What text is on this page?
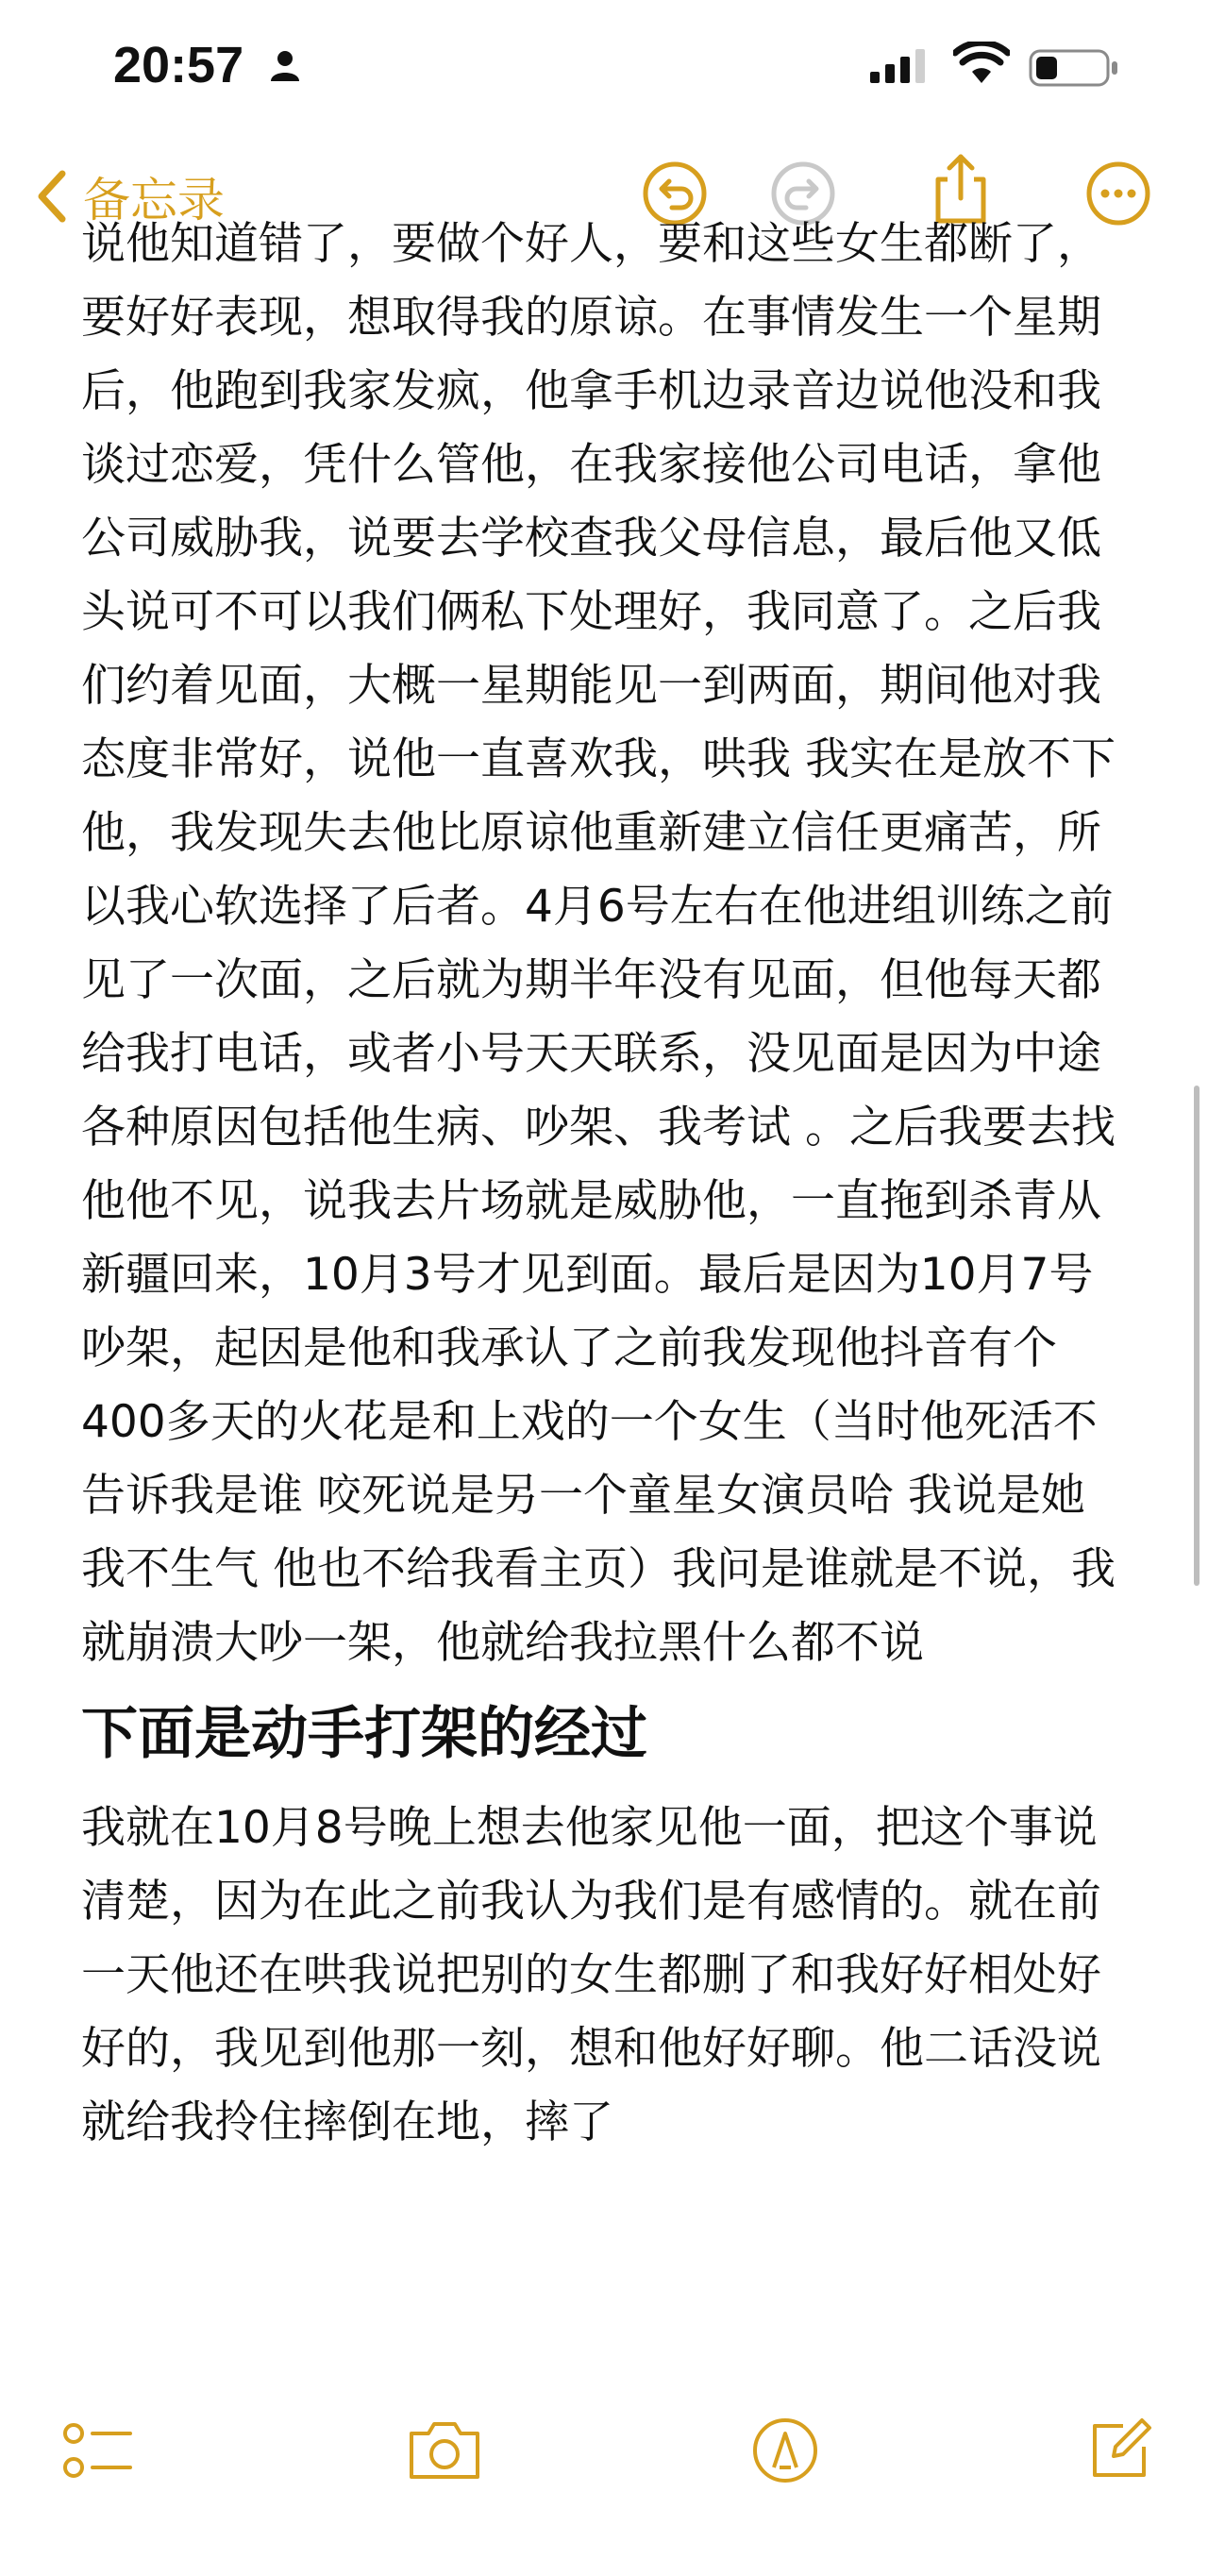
20:57
备忘录

说他知道错了，要做个好人，要和这些女生都断了，要好好表现，想取得我的原谅。在事情发生一个星期后，他跑到我家发疯，他拿手机边录音边说他没和我谈过恋爱，凭什么管他，在我家接他公司电话，拿他公司威胁我，说要去学校查我父母信息，最后他又低头说可不可以我们俩私下处理好，我同意了。之后我们约着见面，大概一星期能见一到两面，期间他对我态度非常好，说他一直喜欢我，哄我 我实在是放不下他，我发现失去他比原谅他重新建立信任更痛苦，所以我心软选择了后者。4月6号左右在他进组训练之前见了一次面，之后就为期半年没有见面，但他每天都给我打电话，或者小号天天联系，没见面是因为中途各种原因包括他生病、吵架、我考试 。之后我要去找他他不见，说我去片场就是威胁他，一直拖到杀青从新疆回来，10月3号才见到面。最后是因为10月7号吵架，起因是他和我承认了之前我发现他抖音有个400多天的火花是和上戏的一个女生（当时他死活不告诉我是谁 咬死说是另一个童星女演员哈 我说是她我不生气 他也不给我看主页）我问是谁就是不说，我就崩溃大吵一架，他就给我拉黑什么都不说

下面是动手打架的经过

我就在10月8号晚上想去他家见他一面，把这个事说清楚，因为在此之前我认为我们是有感情的。就在前一天他还在哄我说把别的女生都删了和我好好相处好好的，我见到他那一刻，想和他好好聊。他二话没说就给我拎住摔倒在地，摔了
